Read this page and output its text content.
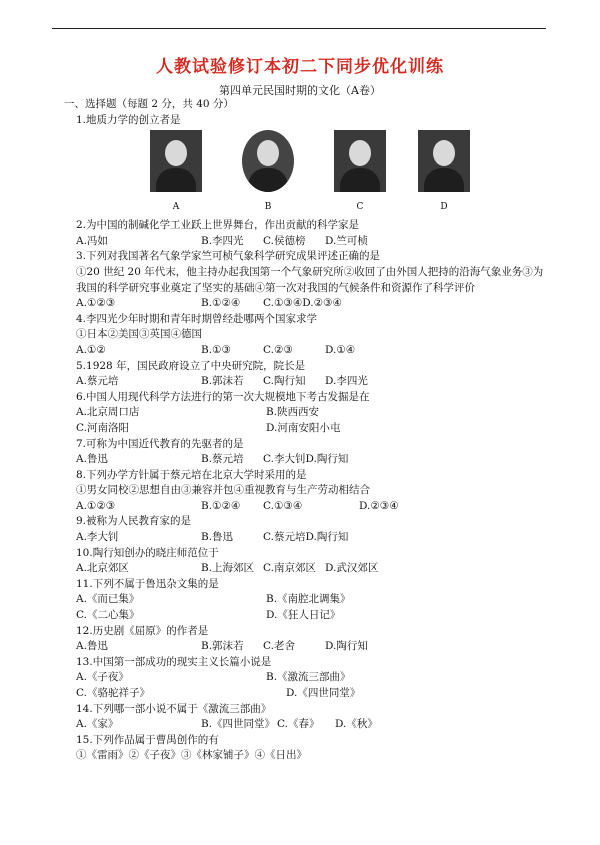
人教试验修订本初二下同步优化训练
第四单元民国时期的文化（A卷）
一、选择题（每题 2 分，共 40 分）
1.地质力学的创立者是
A	B	C	D
2.为中国的制碱化学工业跃上世界舞台，作出贡献的科学家是
A.冯如	B.李四光	C.侯德榜	D.竺可桢
3.下列对我国著名气象学家竺可桢气象科学研究成果评述正确的是
①20 世纪 20 年代末，他主持办起我国第一个气象研究所②收回了由外国人把持的沿海气象业务③为我国的科学研究事业奠定了坚实的基础④第一次对我国的气候条件和资源作了科学评价
A.①②③	B.①②④	C.①③④D.②③④
4.李四光少年时期和青年时期曾经赴哪两个国家求学
①日本②美国③英国④德国
A.①②	B.①③	C.②③	D.①④
5.1928 年，国民政府设立了中央研究院，院长是
A.蔡元培	B.郭沫若	C.陶行知	D.李四光
6.中国人用现代科学方法进行的第一次大规模地下考古发掘是在
A.北京周口店	B.陕西西安
C.河南洛阳	D.河南安阳小屯
7.可称为中国近代教育的先驱者的是
A.鲁迅	B.蔡元培	C.李大钊D.陶行知
8.下列办学方针属于蔡元培在北京大学时采用的是
①男女同校②思想自由③兼容并包④重视教育与生产劳动相结合
A.①②③	B.①②④	C.①③④	D.②③④
9.被称为人民教育家的是
A.李大钊	B.鲁迅	C.蔡元培D.陶行知
10.陶行知创办的晓庄师范位于
A.北京郊区	B.上海郊区 C.南京郊区 D.武汉郊区
11.下列不属于鲁迅杂文集的是
A.《而已集》	B.《南腔北调集》
C.《二心集》	D.《狂人日记》
12.历史剧《屈原》的作者是
A.鲁迅	B.郭沫若	C.老舍	D.陶行知
13.中国第一部成功的现实主义长篇小说是
A.《子夜》	B.《激流三部曲》
C.《骆驼祥子》	D.《四世同堂》
14.下列哪一部小说不属于《激流三部曲》
A.《家》	B.《四世同堂》 C.《春》	D.《秋》
15.下列作品属于曹禺创作的有
①《雷雨》②《子夜》③《林家铺子》④《日出》
